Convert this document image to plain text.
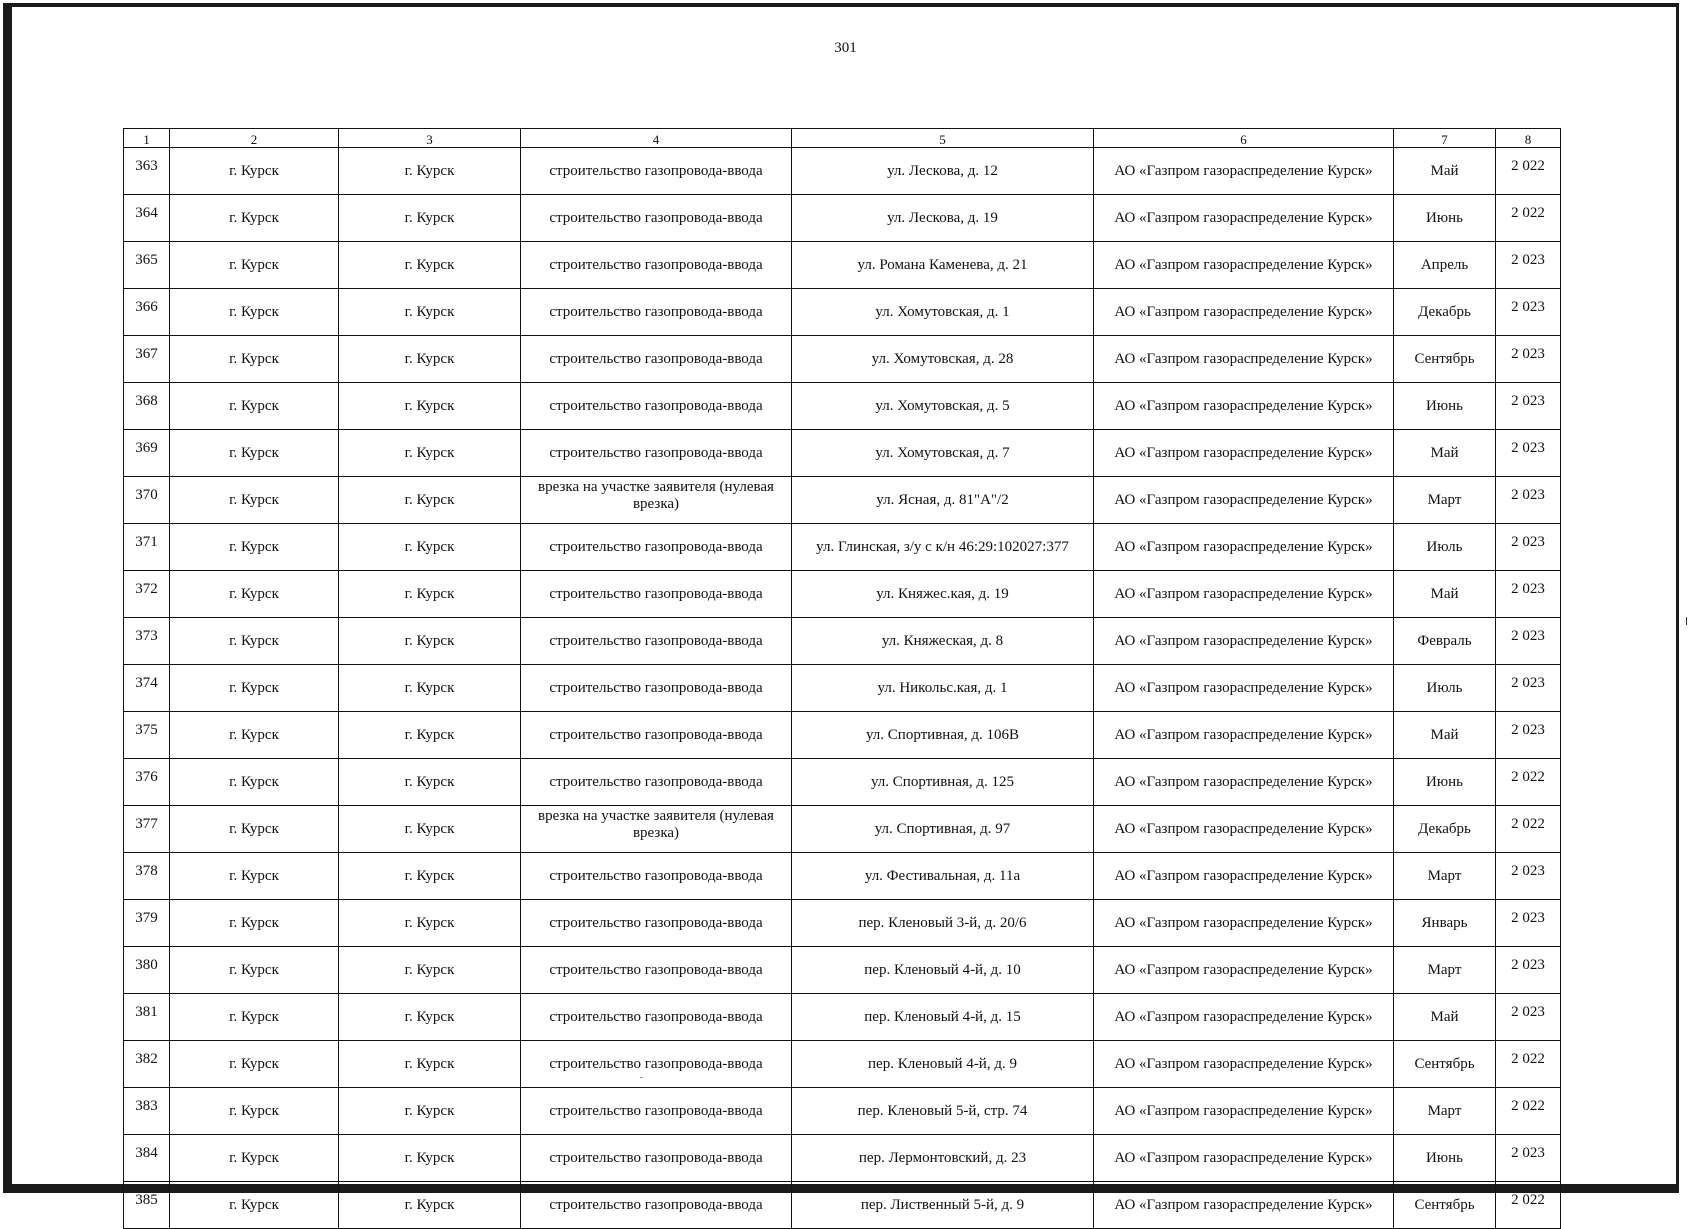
301
1	2	3	4	5	6	7	8
363	г. Курск	г. Курск	строительство газопровода-ввода	ул. Лескова, д. 12	АО «Газпром газораспределение Курск»	Май	2 022
364	г. Курск	г. Курск	строительство газопровода-ввода	ул. Лескова, д. 19	АО «Газпром газораспределение Курск»	Июнь	2 022
365	г. Курск	г. Курск	строительство газопровода-ввода	ул. Романа Каменева, д. 21	АО «Газпром газораспределение Курск»	Апрель	2 023
366	г. Курск	г. Курск	строительство газопровода-ввода	ул. Хомутовская, д. 1	АО «Газпром газораспределение Курск»	Декабрь	2 023
367	г. Курск	г. Курск	строительство газопровода-ввода	ул. Хомутовская, д. 28	АО «Газпром газораспределение Курск»	Сентябрь	2 023
368	г. Курск	г. Курск	строительство газопровода-ввода	ул. Хомутовская, д. 5	АО «Газпром газораспределение Курск»	Июнь	2 023
369	г. Курск	г. Курск	строительство газопровода-ввода	ул. Хомутовская, д. 7	АО «Газпром газораспределение Курск»	Май	2 023
370	г. Курск	г. Курск	врезка на участке заявителя (нулевая врезка)	ул. Ясная, д. 81"А"/2	АО «Газпром газораспределение Курск»	Март	2 023
371	г. Курск	г. Курск	строительство газопровода-ввода	ул. Глинская, з/у с к/н 46:29:102027:377	АО «Газпром газораспределение Курск»	Июль	2 023
372	г. Курск	г. Курск	строительство газопровода-ввода	ул. Княжес.кая, д. 19	АО «Газпром газораспределение Курск»	Май	2 023
373	г. Курск	г. Курск	строительство газопровода-ввода	ул. Княжеская, д. 8	АО «Газпром газораспределение Курск»	Февраль	2 023
374	г. Курск	г. Курск	строительство газопровода-ввода	ул. Никольс.кая, д. 1	АО «Газпром газораспределение Курск»	Июль	2 023
375	г. Курск	г. Курск	строительство газопровода-ввода	ул. Спортивная, д. 106В	АО «Газпром газораспределение Курск»	Май	2 023
376	г. Курск	г. Курск	строительство газопровода-ввода	ул. Спортивная, д. 125	АО «Газпром газораспределение Курск»	Июнь	2 022
377	г. Курск	г. Курск	врезка на участке заявителя (нулевая врезка)	ул. Спортивная, д. 97	АО «Газпром газораспределение Курск»	Декабрь	2 022
378	г. Курск	г. Курск	строительство газопровода-ввода	ул. Фестивальная, д. 11а	АО «Газпром газораспределение Курск»	Март	2 023
379	г. Курск	г. Курск	строительство газопровода-ввода	пер. Кленовый 3-й, д. 20/6	АО «Газпром газораспределение Курск»	Январь	2 023
380	г. Курск	г. Курск	строительство газопровода-ввода	пер. Кленовый 4-й, д. 10	АО «Газпром газораспределение Курск»	Март	2 023
381	г. Курск	г. Курск	строительство газопровода-ввода	пер. Кленовый 4-й, д. 15	АО «Газпром газораспределение Курск»	Май	2 023
382	г. Курск	г. Курск	строительство газопровода-ввода	пер. Кленовый 4-й, д. 9	АО «Газпром газораспределение Курск»	Сентябрь	2 022
383	г. Курск	г. Курск	строительство газопровода-ввода	пер. Кленовый 5-й, стр. 74	АО «Газпром газораспределение Курск»	Март	2 022
384	г. Курск	г. Курск	строительство газопровода-ввода	пер. Лермонтовский, д. 23	АО «Газпром газораспределение Курск»	Июнь	2 023
385	г. Курск	г. Курск	строительство газопровода-ввода	пер. Лиственный 5-й, д. 9	АО «Газпром газораспределение Курск»	Сентябрь	2 022
